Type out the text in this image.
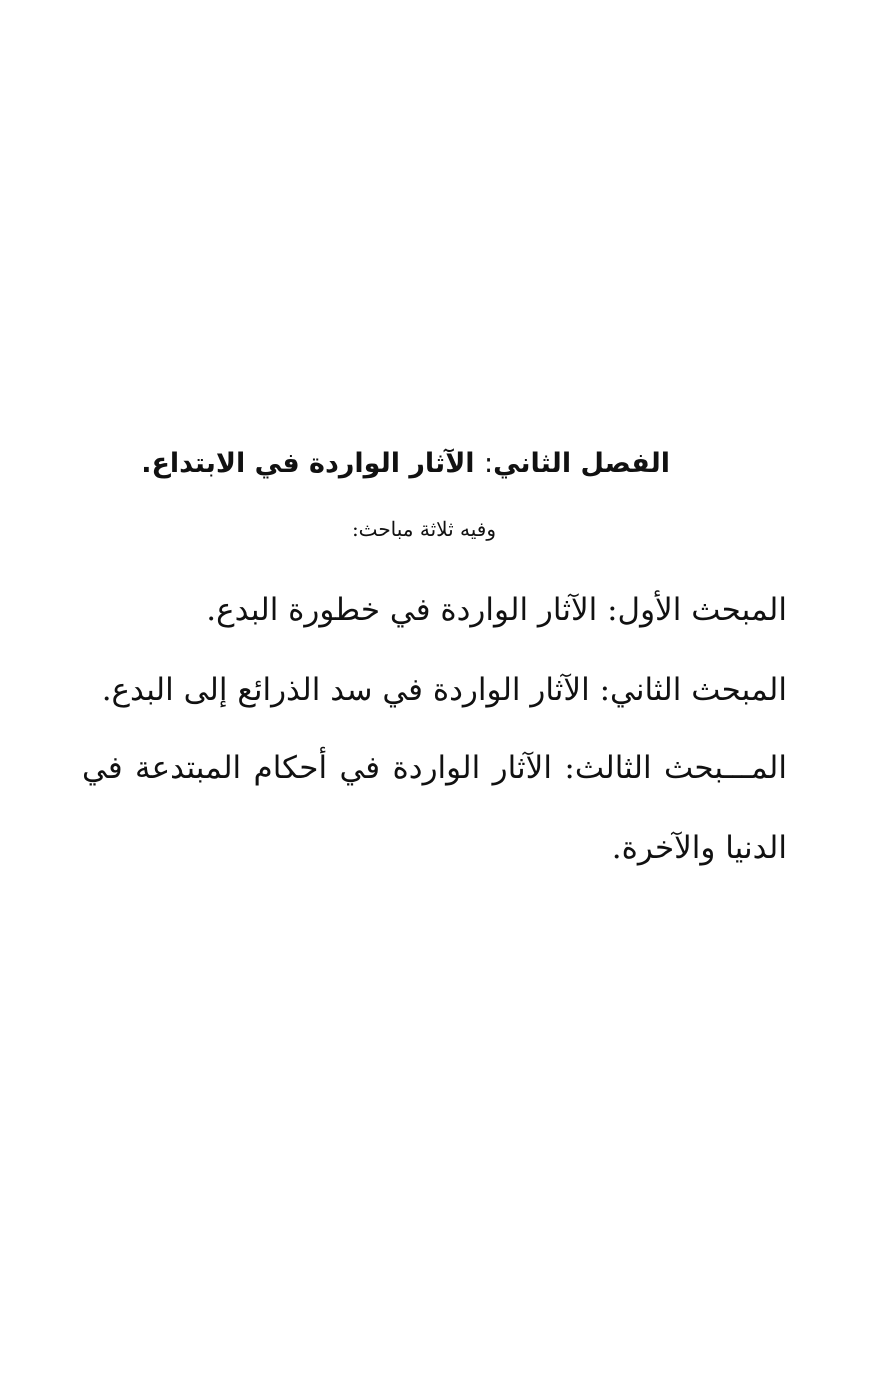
الفصل الثاني: الآثار الواردة في الابتداع.
وفيه ثلاثة مباحث:
المبحث الأول: الآثار الواردة في خطورة البدع.
المبحث الثاني: الآثار الواردة في سد الذرائع إلى البدع.
المـــبحث الثالث: الآثار الواردة في أحكام المبتدعة في
الدنيا والآخرة.
